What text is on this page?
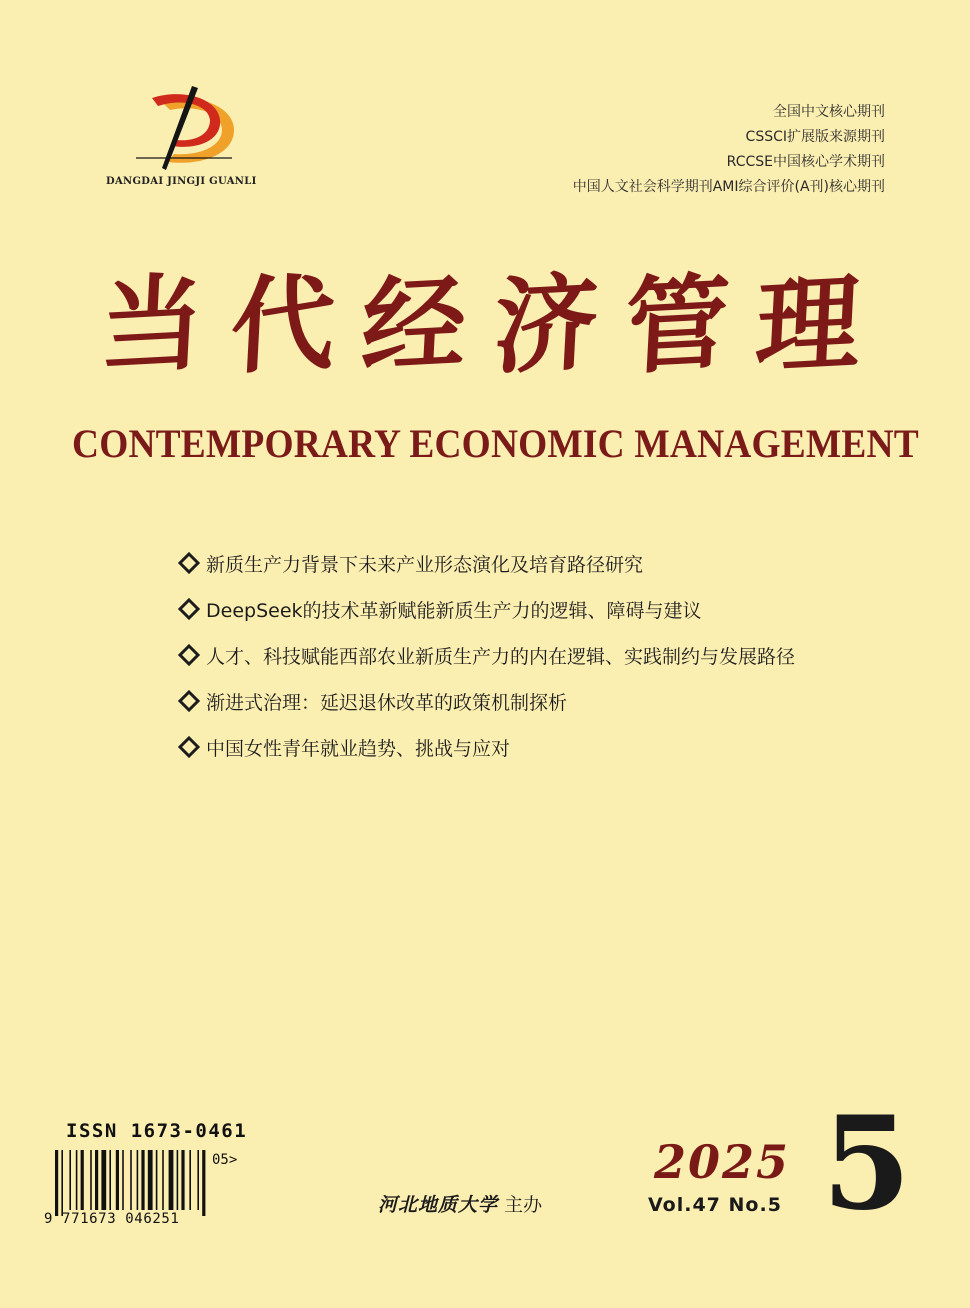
DANGDAI JINGJI GUANLI
全国中文核心期刊
CSSCI扩展版来源期刊
RCCSE中国核心学术期刊
中国人文社会科学期刊AMI综合评价(A刊)核心期刊
当 代 经 济 管 理
CONTEMPORARY ECONOMIC MANAGEMENT
新质生产力背景下未来产业形态演化及培育路径研究
DeepSeek的技术革新赋能新质生产力的逻辑、障碍与建议
人才、科技赋能西部农业新质生产力的内在逻辑、实践制约与发展路径
渐进式治理：延迟退休改革的政策机制探析
中国女性青年就业趋势、挑战与应对
ISSN 1673-0461
05>
9 771673 046251
河北地质大学 主办
2025
Vol.47 No.5 5
